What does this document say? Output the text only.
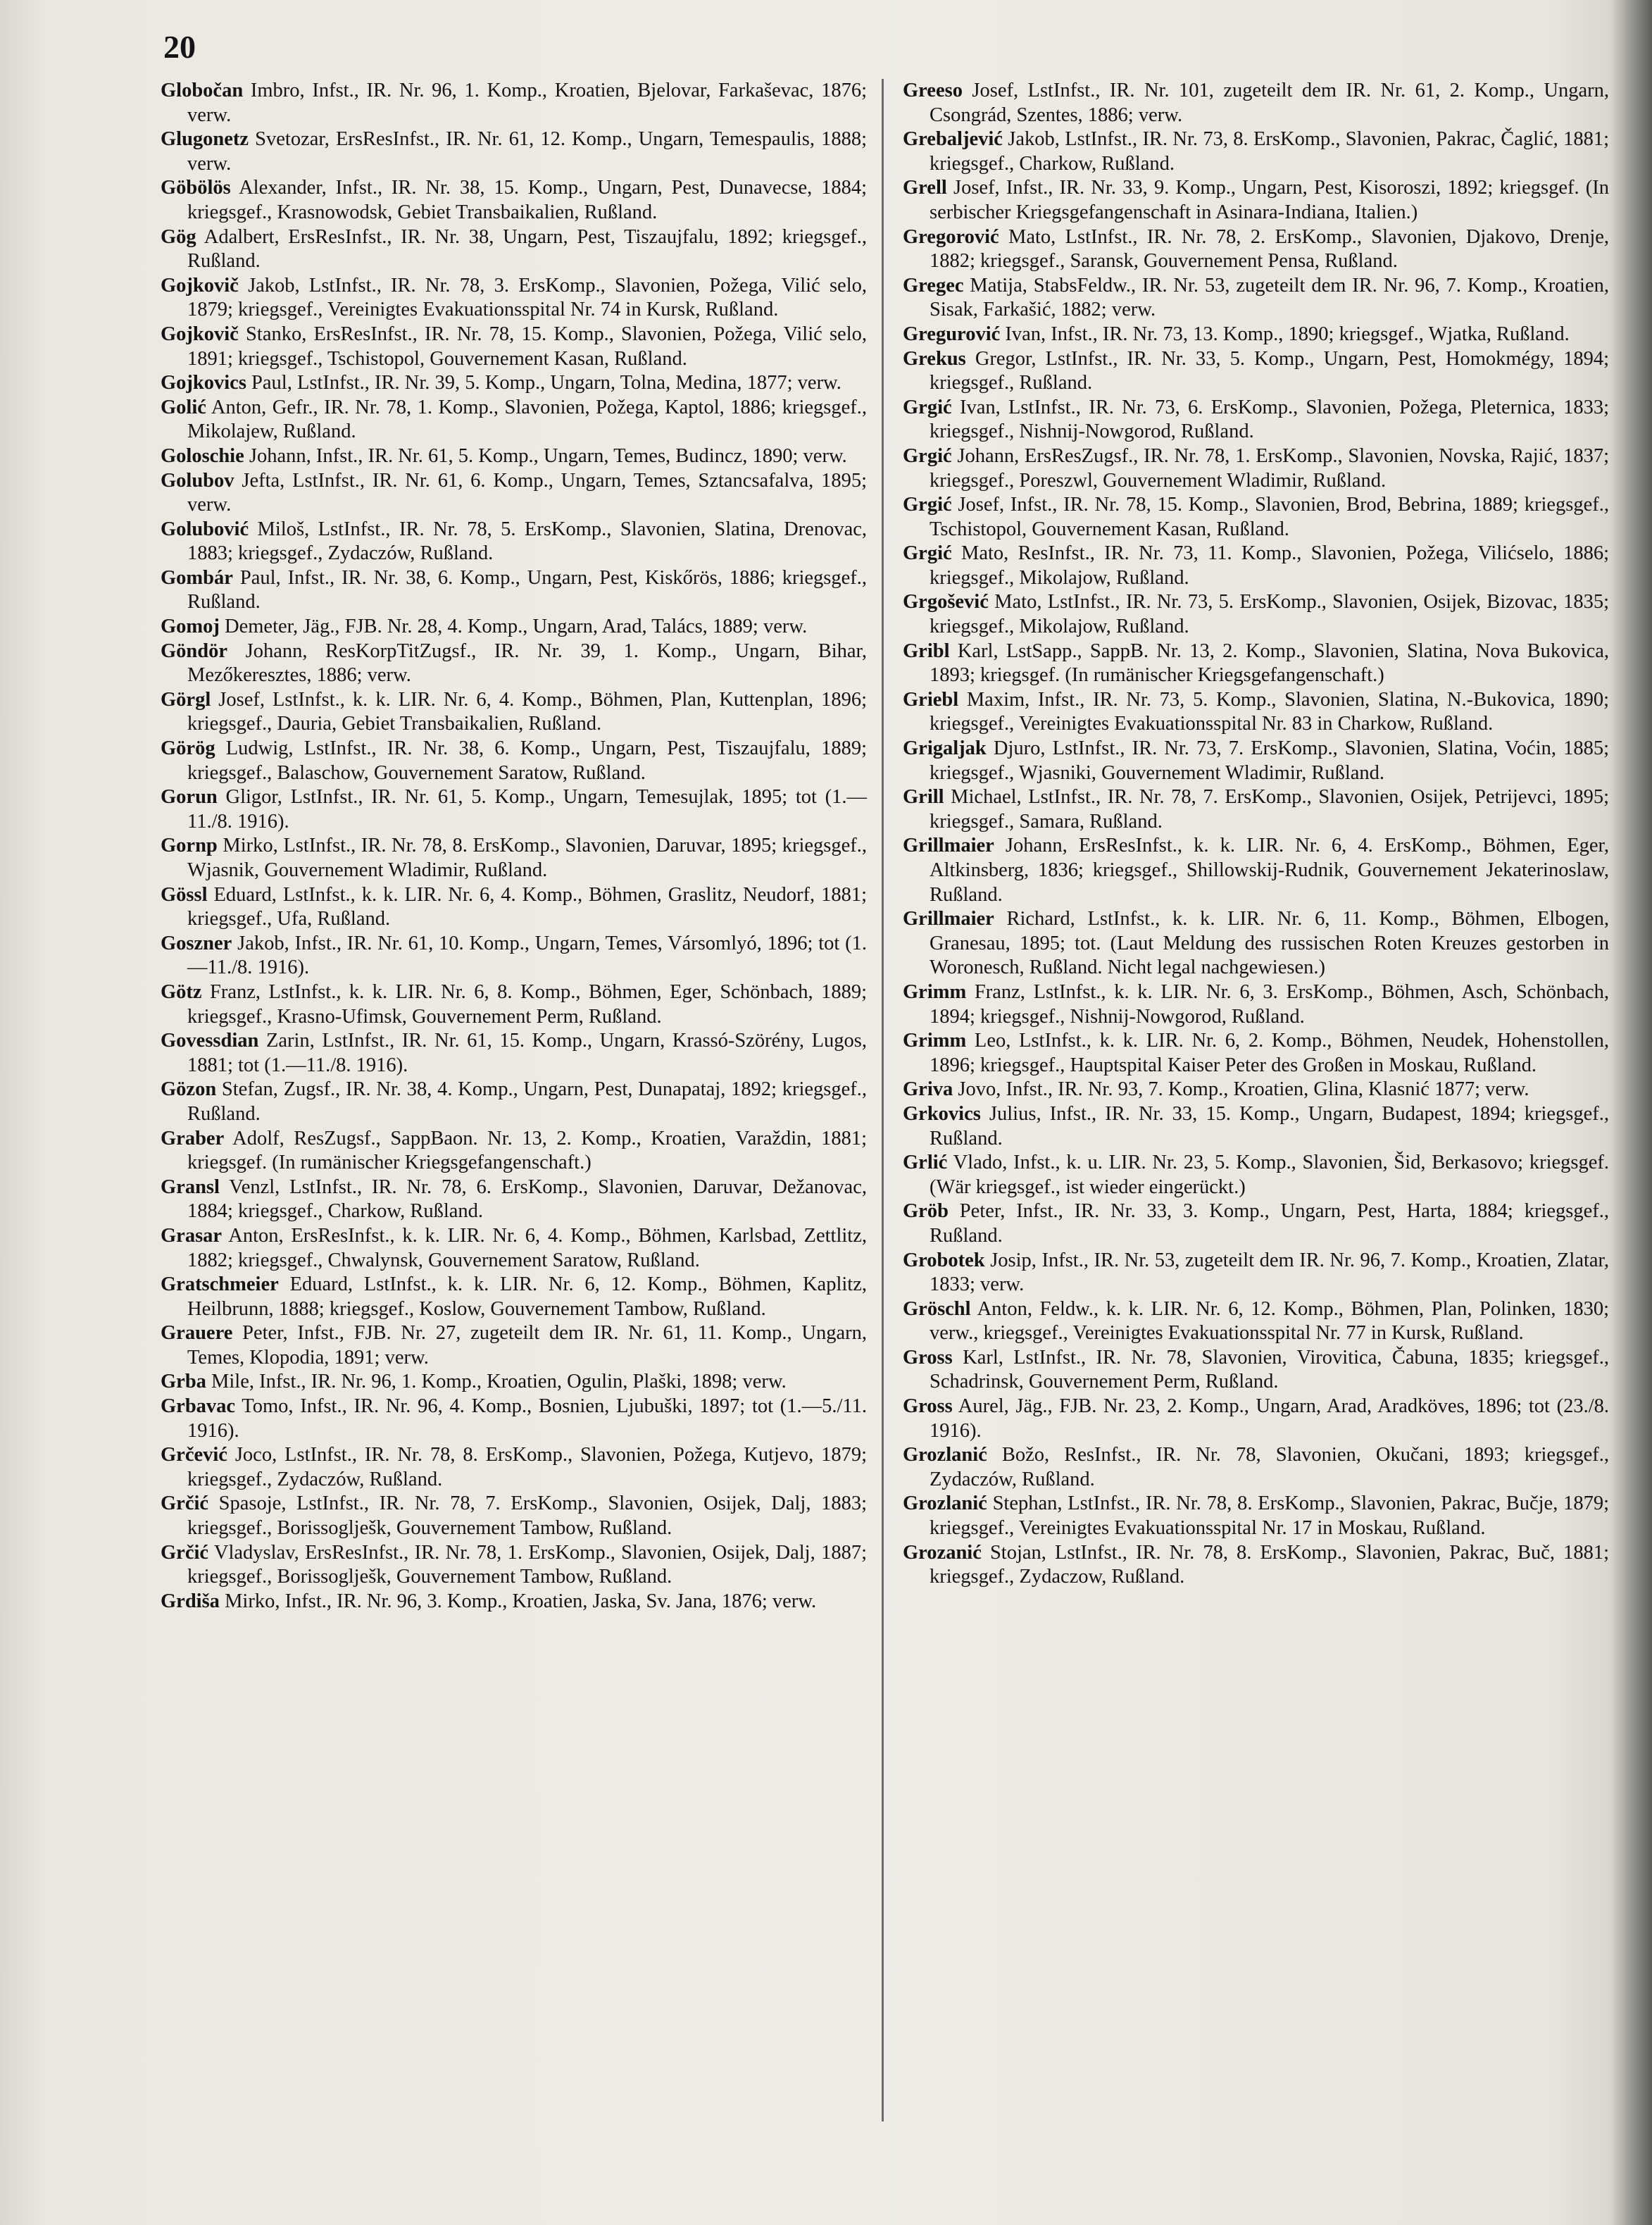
20

Globočan Imbro, Infst., IR. Nr. 96, 1. Komp., Kroatien, Bjelovar, Farkaševac, 1876; verw.

Glugonetz Svetozar, ErsResInfst., IR. Nr. 61, 12. Komp., Ungarn, Temespaulis, 1888; verw.

Göbölös Alexander, Infst., IR. Nr. 38, 15. Komp., Ungarn, Pest, Dunavecse, 1884; kriegsgef., Krasnowodsk, Gebiet Transbaikalien, Rußland.

Gög Adalbert, ErsResInfst., IR. Nr. 38, Ungarn, Pest, Tiszaujfalu, 1892; kriegsgef., Rußland.

Gojkovič Jakob, LstInfst., IR. Nr. 78, 3. ErsKomp., Slavonien, Požega, Vilić selo, 1879; kriegsgef., Vereinigtes Evakuationsspital Nr. 74 in Kursk, Rußland.

Gojkovič Stanko, ErsResInfst., IR. Nr. 78, 15. Komp., Slavonien, Požega, Vilić selo, 1891; kriegsgef., Tschistopol, Gouvernement Kasan, Rußland.

Gojkovics Paul, LstInfst., IR. Nr. 39, 5. Komp., Ungarn, Tolna, Medina, 1877; verw.

Golić Anton, Gefr., IR. Nr. 78, 1. Komp., Slavonien, Požega, Kaptol, 1886; kriegsgef., Mikolajew, Rußland.

Goloschie Johann, Infst., IR. Nr. 61, 5. Komp., Ungarn, Temes, Budincz, 1890; verw.

Golubov Jefta, LstInfst., IR. Nr. 61, 6. Komp., Ungarn, Temes, Sztancsafalva, 1895; verw.

Golubović Miloš, LstInfst., IR. Nr. 78, 5. ErsKomp., Slavonien, Slatina, Drenovac, 1883; kriegsgef., Zydaczów, Rußland.

Gombár Paul, Infst., IR. Nr. 38, 6. Komp., Ungarn, Pest, Kiskőrös, 1886; kriegsgef., Rußland.

Gomoj Demeter, Jäg., FJB. Nr. 28, 4. Komp., Ungarn, Arad, Talács, 1889; verw.

Göndör Johann, ResKorpTitZugsf., IR. Nr. 39, 1. Komp., Ungarn, Bihar, Mezőkeresztes, 1886; verw.

Görgl Josef, LstInfst., k. k. LIR. Nr. 6, 4. Komp., Böhmen, Plan, Kuttenplan, 1896; kriegsgef., Dauria, Gebiet Transbaikalien, Rußland.

Görög Ludwig, LstInfst., IR. Nr. 38, 6. Komp., Ungarn, Pest, Tiszaujfalu, 1889; kriegsgef., Balaschow, Gouvernement Saratow, Rußland.

Gorun Gligor, LstInfst., IR. Nr. 61, 5. Komp., Ungarn, Temesujlak, 1895; tot (1.—11./8. 1916).

Gornp Mirko, LstInfst., IR. Nr. 78, 8. ErsKomp., Slavonien, Daruvar, 1895; kriegsgef., Wjasnik, Gouvernement Wladimir, Rußland.

Gössl Eduard, LstInfst., k. k. LIR. Nr. 6, 4. Komp., Böhmen, Graslitz, Neudorf, 1881; kriegsgef., Ufa, Rußland.

Goszner Jakob, Infst., IR. Nr. 61, 10. Komp., Ungarn, Temes, Vársomlyó, 1896; tot (1.—11./8. 1916).

Götz Franz, LstInfst., k. k. LIR. Nr. 6, 8. Komp., Böhmen, Eger, Schönbach, 1889; kriegsgef., Krasno-Ufimsk, Gouvernement Perm, Rußland.

Govessdian Zarin, LstInfst., IR. Nr. 61, 15. Komp., Ungarn, Krassó-Szörény, Lugos, 1881; tot (1.—11./8. 1916).

Gözon Stefan, Zugsf., IR. Nr. 38, 4. Komp., Ungarn, Pest, Dunapataj, 1892; kriegsgef., Rußland.

Graber Adolf, ResZugsf., SappBaon. Nr. 13, 2. Komp., Kroatien, Varaždin, 1881; kriegsgef. (In rumänischer Kriegsgefangenschaft.)

Gransl Venzl, LstInfst., IR. Nr. 78, 6. ErsKomp., Slavonien, Daruvar, Dežanovac, 1884; kriegsgef., Charkow, Rußland.

Grasar Anton, ErsResInfst., k. k. LIR. Nr. 6, 4. Komp., Böhmen, Karlsbad, Zettlitz, 1882; kriegsgef., Chwalynsk, Gouvernement Saratow, Rußland.

Gratschmeier Eduard, LstInfst., k. k. LIR. Nr. 6, 12. Komp., Böhmen, Kaplitz, Heilbrunn, 1888; kriegsgef., Koslow, Gouvernement Tambow, Rußland.

Grauere Peter, Infst., FJB. Nr. 27, zugeteilt dem IR. Nr. 61, 11. Komp., Ungarn, Temes, Klopodia, 1891; verw.

Grba Mile, Infst., IR. Nr. 96, 1. Komp., Kroatien, Ogulin, Plaški, 1898; verw.

Grbavac Tomo, Infst., IR. Nr. 96, 4. Komp., Bosnien, Ljubuški, 1897; tot (1.—5./11. 1916).

Grčević Joco, LstInfst., IR. Nr. 78, 8. ErsKomp., Slavonien, Požega, Kutjevo, 1879; kriegsgef., Zydaczów, Rußland.

Grčić Spasoje, LstInfst., IR. Nr. 78, 7. ErsKomp., Slavonien, Osijek, Dalj, 1883; kriegsgef., Borissoglješk, Gouvernement Tambow, Rußland.

Grčić Vladyslav, ErsResInfst., IR. Nr. 78, 1. ErsKomp., Slavonien, Osijek, Dalj, 1887; kriegsgef., Borissoglješk, Gouvernement Tambow, Rußland.

Grdiša Mirko, Infst., IR. Nr. 96, 3. Komp., Kroatien, Jaska, Sv. Jana, 1876; verw.

Greeso Josef, LstInfst., IR. Nr. 101, zugeteilt dem IR. Nr. 61, 2. Komp., Ungarn, Csongrád, Szentes, 1886; verw.

Grebaljević Jakob, LstInfst., IR. Nr. 73, 8. ErsKomp., Slavonien, Pakrac, Čaglić, 1881; kriegsgef., Charkow, Rußland.

Grell Josef, Infst., IR. Nr. 33, 9. Komp., Ungarn, Pest, Kisoroszi, 1892; kriegsgef. (In serbischer Kriegsgefangenschaft in Asinara-Indiana, Italien.)

Gregorović Mato, LstInfst., IR. Nr. 78, 2. ErsKomp., Slavonien, Djakovo, Drenje, 1882; kriegsgef., Saransk, Gouvernement Pensa, Rußland.

Gregec Matija, StabsFeldw., IR. Nr. 53, zugeteilt dem IR. Nr. 96, 7. Komp., Kroatien, Sisak, Farkašić, 1882; verw.

Gregurović Ivan, Infst., IR. Nr. 73, 13. Komp., 1890; kriegsgef., Wjatka, Rußland.

Grekus Gregor, LstInfst., IR. Nr. 33, 5. Komp., Ungarn, Pest, Homokmégy, 1894; kriegsgef., Rußland.

Grgić Ivan, LstInfst., IR. Nr. 73, 6. ErsKomp., Slavonien, Požega, Pleternica, 1833; kriegsgef., Nishnij-Nowgorod, Rußland.

Grgić Johann, ErsResZugsf., IR. Nr. 78, 1. ErsKomp., Slavonien, Novska, Rajić, 1837; kriegsgef., Poreszwl, Gouvernement Wladimir, Rußland.

Grgić Josef, Infst., IR. Nr. 78, 15. Komp., Slavonien, Brod, Bebrina, 1889; kriegsgef., Tschistopol, Gouvernement Kasan, Rußland.

Grgić Mato, ResInfst., IR. Nr. 73, 11. Komp., Slavonien, Požega, Vilićselo, 1886; kriegsgef., Mikolajow, Rußland.

Grgošević Mato, LstInfst., IR. Nr. 73, 5. ErsKomp., Slavonien, Osijek, Bizovac, 1835; kriegsgef., Mikolajow, Rußland.

Gribl Karl, LstSapp., SappB. Nr. 13, 2. Komp., Slavonien, Slatina, Nova Bukovica, 1893; kriegsgef. (In rumänischer Kriegsgefangenschaft.)

Griebl Maxim, Infst., IR. Nr. 73, 5. Komp., Slavonien, Slatina, N.-Bukovica, 1890; kriegsgef., Vereinigtes Evakuationsspital Nr. 83 in Charkow, Rußland.

Grigaljak Djuro, LstInfst., IR. Nr. 73, 7. ErsKomp., Slavonien, Slatina, Voćin, 1885; kriegsgef., Wjasniki, Gouvernement Wladimir, Rußland.

Grill Michael, LstInfst., IR. Nr. 78, 7. ErsKomp., Slavonien, Osijek, Petrijevci, 1895; kriegsgef., Samara, Rußland.

Grillmaier Johann, ErsResInfst., k. k. LIR. Nr. 6, 4. ErsKomp., Böhmen, Eger, Altkinsberg, 1836; kriegsgef., Shillowskij-Rudnik, Gouvernement Jekaterinoslaw, Rußland.

Grillmaier Richard, LstInfst., k. k. LIR. Nr. 6, 11. Komp., Böhmen, Elbogen, Granesau, 1895; tot. (Laut Meldung des russischen Roten Kreuzes gestorben in Woronesch, Rußland. Nicht legal nachgewiesen.)

Grimm Franz, LstInfst., k. k. LIR. Nr. 6, 3. ErsKomp., Böhmen, Asch, Schönbach, 1894; kriegsgef., Nishnij-Nowgorod, Rußland.

Grimm Leo, LstInfst., k. k. LIR. Nr. 6, 2. Komp., Böhmen, Neudek, Hohenstollen, 1896; kriegsgef., Hauptspital Kaiser Peter des Großen in Moskau, Rußland.

Griva Jovo, Infst., IR. Nr. 93, 7. Komp., Kroatien, Glina, Klasnić 1877; verw.

Grkovics Julius, Infst., IR. Nr. 33, 15. Komp., Ungarn, Budapest, 1894; kriegsgef., Rußland.

Grlić Vlado, Infst., k. u. LIR. Nr. 23, 5. Komp., Slavonien, Šid, Berkasovo; kriegsgef. (Wär kriegsgef., ist wieder eingerückt.)

Gröb Peter, Infst., IR. Nr. 33, 3. Komp., Ungarn, Pest, Harta, 1884; kriegsgef., Rußland.

Grobotek Josip, Infst., IR. Nr. 53, zugeteilt dem IR. Nr. 96, 7. Komp., Kroatien, Zlatar, 1833; verw.

Gröschl Anton, Feldw., k. k. LIR. Nr. 6, 12. Komp., Böhmen, Plan, Polinken, 1830; verw., kriegsgef., Vereinigtes Evakuationsspital Nr. 77 in Kursk, Rußland.

Gross Karl, LstInfst., IR. Nr. 78, Slavonien, Virovitica, Čabuna, 1835; kriegsgef., Schadrinsk, Gouvernement Perm, Rußland.

Gross Aurel, Jäg., FJB. Nr. 23, 2. Komp., Ungarn, Arad, Aradköves, 1896; tot (23./8. 1916).

Grozlanić Božo, ResInfst., IR. Nr. 78, Slavonien, Okučani, 1893; kriegsgef., Zydaczów, Rußland.

Grozlanić Stephan, LstInfst., IR. Nr. 78, 8. ErsKomp., Slavonien, Pakrac, Bučje, 1879; kriegsgef., Vereinigtes Evakuationsspital Nr. 17 in Moskau, Rußland.

Grozanić Stojan, LstInfst., IR. Nr. 78, 8. ErsKomp., Slavonien, Pakrac, Buč, 1881; kriegsgef., Zydaczow, Rußland.
